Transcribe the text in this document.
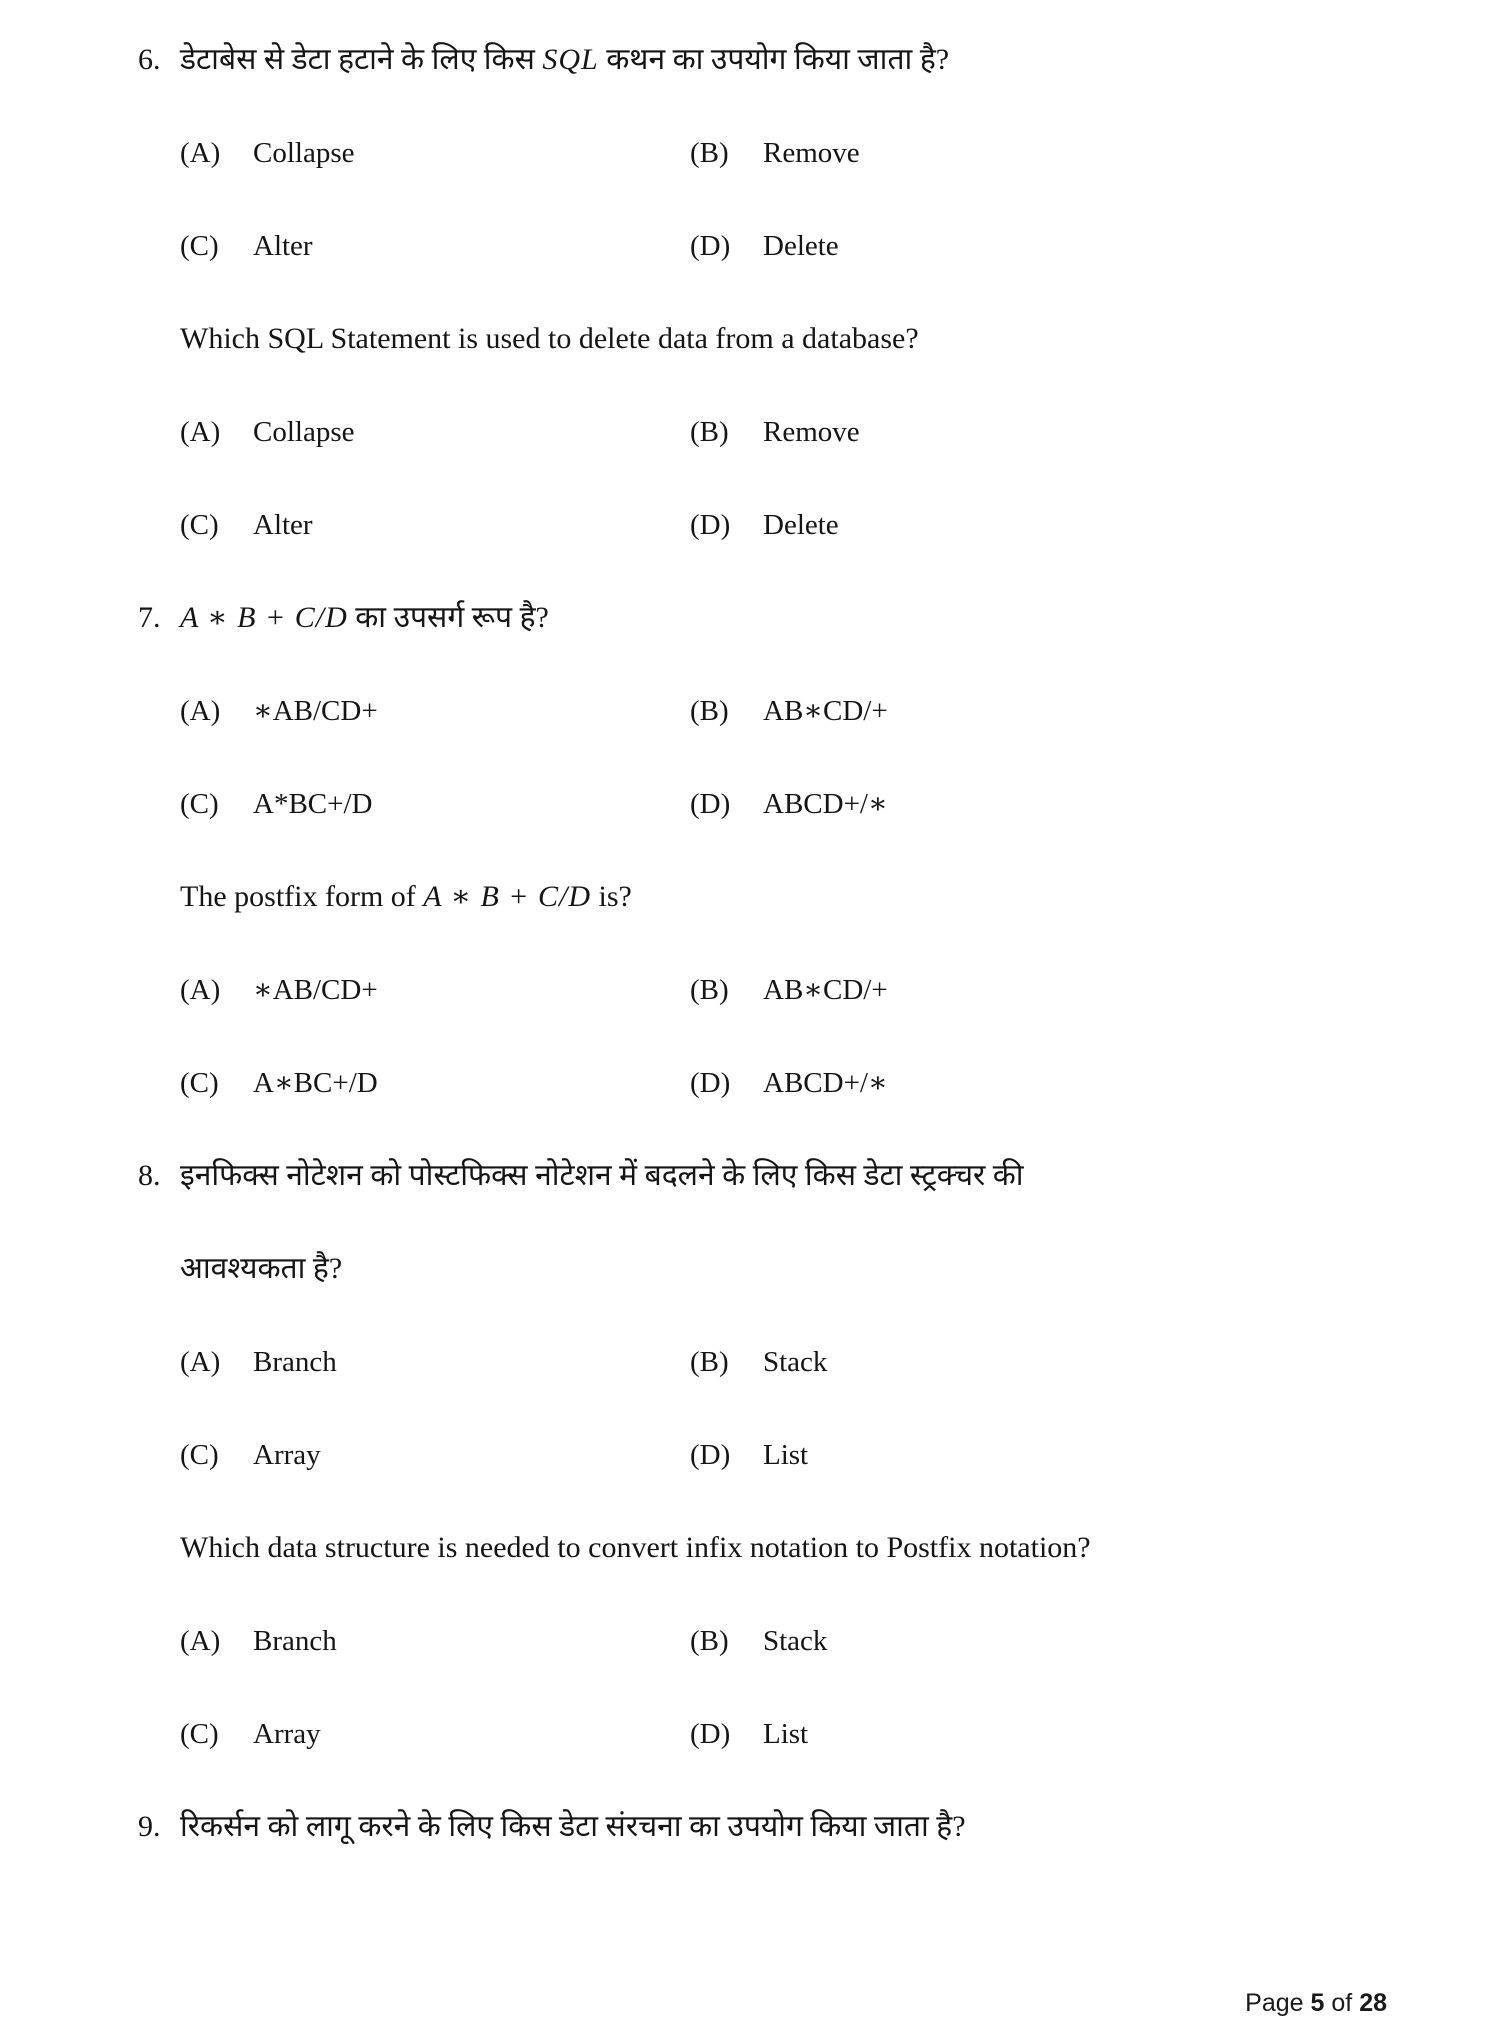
6. डेटाबेस से डेटा हटाने के लिए किस SQL कथन का उपयोग किया जाता है?
(A)	Collapse	(B)	Remove
(C)	Alter	(D)	Delete
Which SQL Statement is used to delete data from a database?
(A)	Collapse	(B)	Remove
(C)	Alter	(D)	Delete
7. A ∗ B + C/D का उपसर्ग रूप है?
(A)	∗AB/CD+	(B)	AB∗CD/+
(C)	A*BC+/D	(D)	ABCD+/∗
The postfix form of A ∗ B + C/D is?
(A)	∗AB/CD+	(B)	AB∗CD/+
(C)	A∗BC+/D	(D)	ABCD+/∗
8. इनफिक्स नोटेशन को पोस्टफिक्स नोटेशन में बदलने के लिए किस डेटा स्ट्रक्चर की
आवश्यकता है?
(A)	Branch	(B)	Stack
(C)	Array	(D)	List
Which data structure is needed to convert infix notation to Postfix notation?
(A)	Branch	(B)	Stack
(C)	Array	(D)	List
9. रिकर्सन को लागू करने के लिए किस डेटा संरचना का उपयोग किया जाता है?
Page 5 of 28
